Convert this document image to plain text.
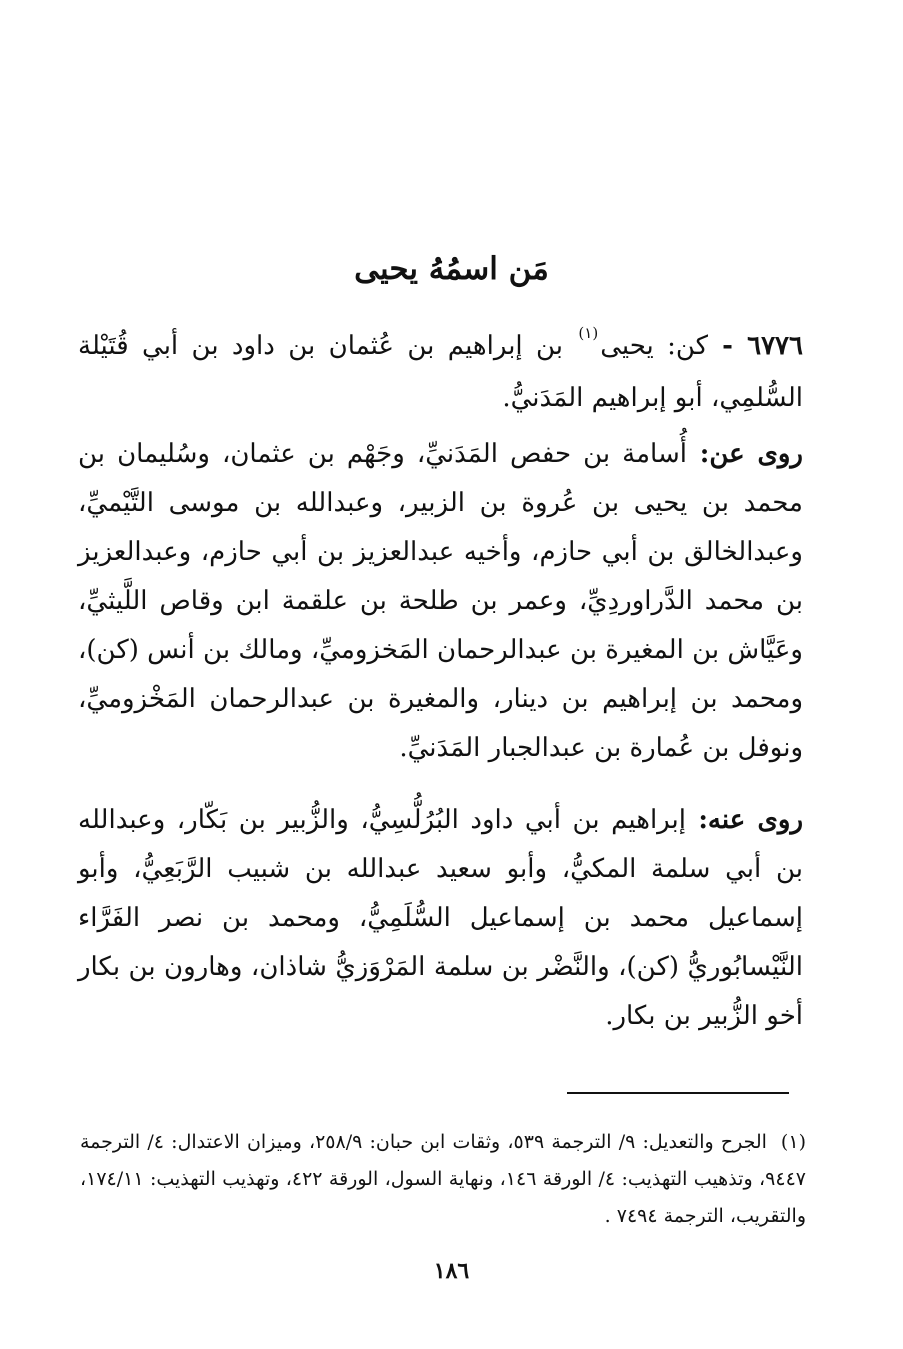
مَن اسمُهُ يحيى

٦٧٧٦ - كن: يحيى$^{(١)}$ بن إبراهيم بن عُثمان بن داود بن أبي قُتَيْلة السُّلمِي، أبو إبراهيم المَدَنيُّ.

روى عن: أُسامة بن حفص المَدَنيِّ، وجَهْم بن عثمان، وسُليمان بن محمد بن يحيى بن عُروة بن الزبير، وعبدالله بن موسى التَّيْميِّ، وعبدالخالق بن أبي حازم، وأخيه عبدالعزيز بن أبي حازم، وعبدالعزيز بن محمد الدَّراوردِيِّ، وعمر بن طلحة بن علقمة ابن وقاص اللَّيثيِّ، وعَيَّاش بن المغيرة بن عبدالرحمان المَخزوميِّ، ومالك بن أنس (كن)، ومحمد بن إبراهيم بن دينار، والمغيرة بن عبدالرحمان المَخْزوميِّ، ونوفل بن عُمارة بن عبدالجبار المَدَنيِّ.

روى عنه: إبراهيم بن أبي داود البُرُلُّسِيُّ، والزُّبير بن بَكّار، وعبدالله بن أبي سلمة المكيُّ، وأبو سعيد عبدالله بن شبيب الرَّبَعِيُّ، وأبو إسماعيل محمد بن إسماعيل السُّلَمِيُّ، ومحمد بن نصر الفَرَّاء النَّيْسابُوريُّ (كن)، والنَّضْر بن سلمة المَرْوَزيُّ شاذان، وهارون بن بكار أخو الزُّبير بن بكار.

(١)الجرح والتعديل: ٩/ الترجمة ٥٣٩، وثقات ابن حبان: ٢٥٨/٩، وميزان الاعتدال: ٤/ الترجمة ٩٤٤٧، وتذهيب التهذيب: ٤/ الورقة ١٤٦، ونهاية السول، الورقة ٤٢٢، وتهذيب التهذيب: ١٧٤/١١، والتقريب، الترجمة ٧٤٩٤ .

١٨٦
